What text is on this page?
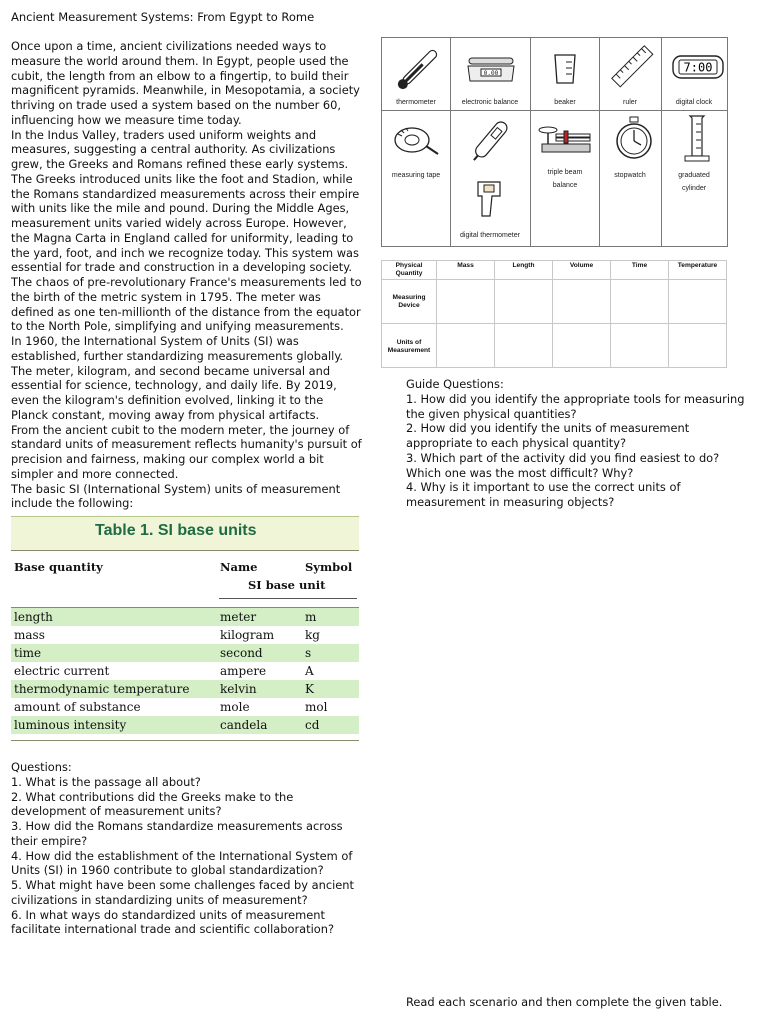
Ancient Measurement Systems: From Egypt to Rome

Once upon a time, ancient civilizations needed ways to measure the world around them. In Egypt, people used the cubit, the length from an elbow to a fingertip, to build their magnificent pyramids. Meanwhile, in Mesopotamia, a society thriving on trade used a system based on the number 60, influencing how we measure time today.

In the Indus Valley, traders used uniform weights and measures, suggesting a central authority. As civilizations grew, the Greeks and Romans refined these early systems. The Greeks introduced units like the foot and Stadion, while the Romans standardized measurements across their empire with units like the mile and pound. During the Middle Ages, measurement units varied widely across Europe. However, the Magna Carta in England called for uniformity, leading to the yard, foot, and inch we recognize today. This system was essential for trade and construction in a developing society. The chaos of pre-revolutionary France's measurements led to the birth of the metric system in 1795. The meter was defined as one ten-millionth of the distance from the equator to the North Pole, simplifying and unifying measurements.

In 1960, the International System of Units (SI) was established, further standardizing measurements globally. The meter, kilogram, and second became universal and essential for science, technology, and daily life. By 2019, even the kilogram's definition evolved, linking it to the Planck constant, moving away from physical artifacts.

From the ancient cubit to the modern meter, the journey of standard units of measurement reflects humanity's pursuit of precision and fairness, making our complex world a bit simpler and more connected.

The basic SI (International System) units of measurement include the following:

Table 1. SI base units
Base quantity	Name	Symbol
SI base unit
length	meter	m
mass	kilogram	kg
time	second	s
electric current	ampere	A
thermodynamic temperature	kelvin	K
amount of substance	mole	mol
luminous intensity	candela	cd
0.00	7:00
thermometer	electronic balance	beaker	ruler	digital clock
measuring tape
digital thermometer
triple beam balance
stopwatch	graduated cylinder
Physical Quantity	Mass	Length	Volume	Time	Temperature
Measuring Device					
Units of Measurement					

Guide Questions:

1. How did you identify the appropriate tools for measuring the given physical quantities?

2. How did you identify the units of measurement appropriate to each physical quantity?

3. Which part of the activity did you find easiest to do? Which one was the most difficult? Why?

4. Why is it important to use the correct units of measurement in measuring objects?

Questions:

1. What is the passage all about?

2. What contributions did the Greeks make to the development of measurement units?

3. How did the Romans standardize measurements across their empire?

4. How did the establishment of the International System of Units (SI) in 1960 contribute to global standardization?

5. What might have been some challenges faced by ancient civilizations in standardizing units of measurement?

6. In what ways do standardized units of measurement facilitate international trade and scientific collaboration?

Read each scenario and then complete the given table.
